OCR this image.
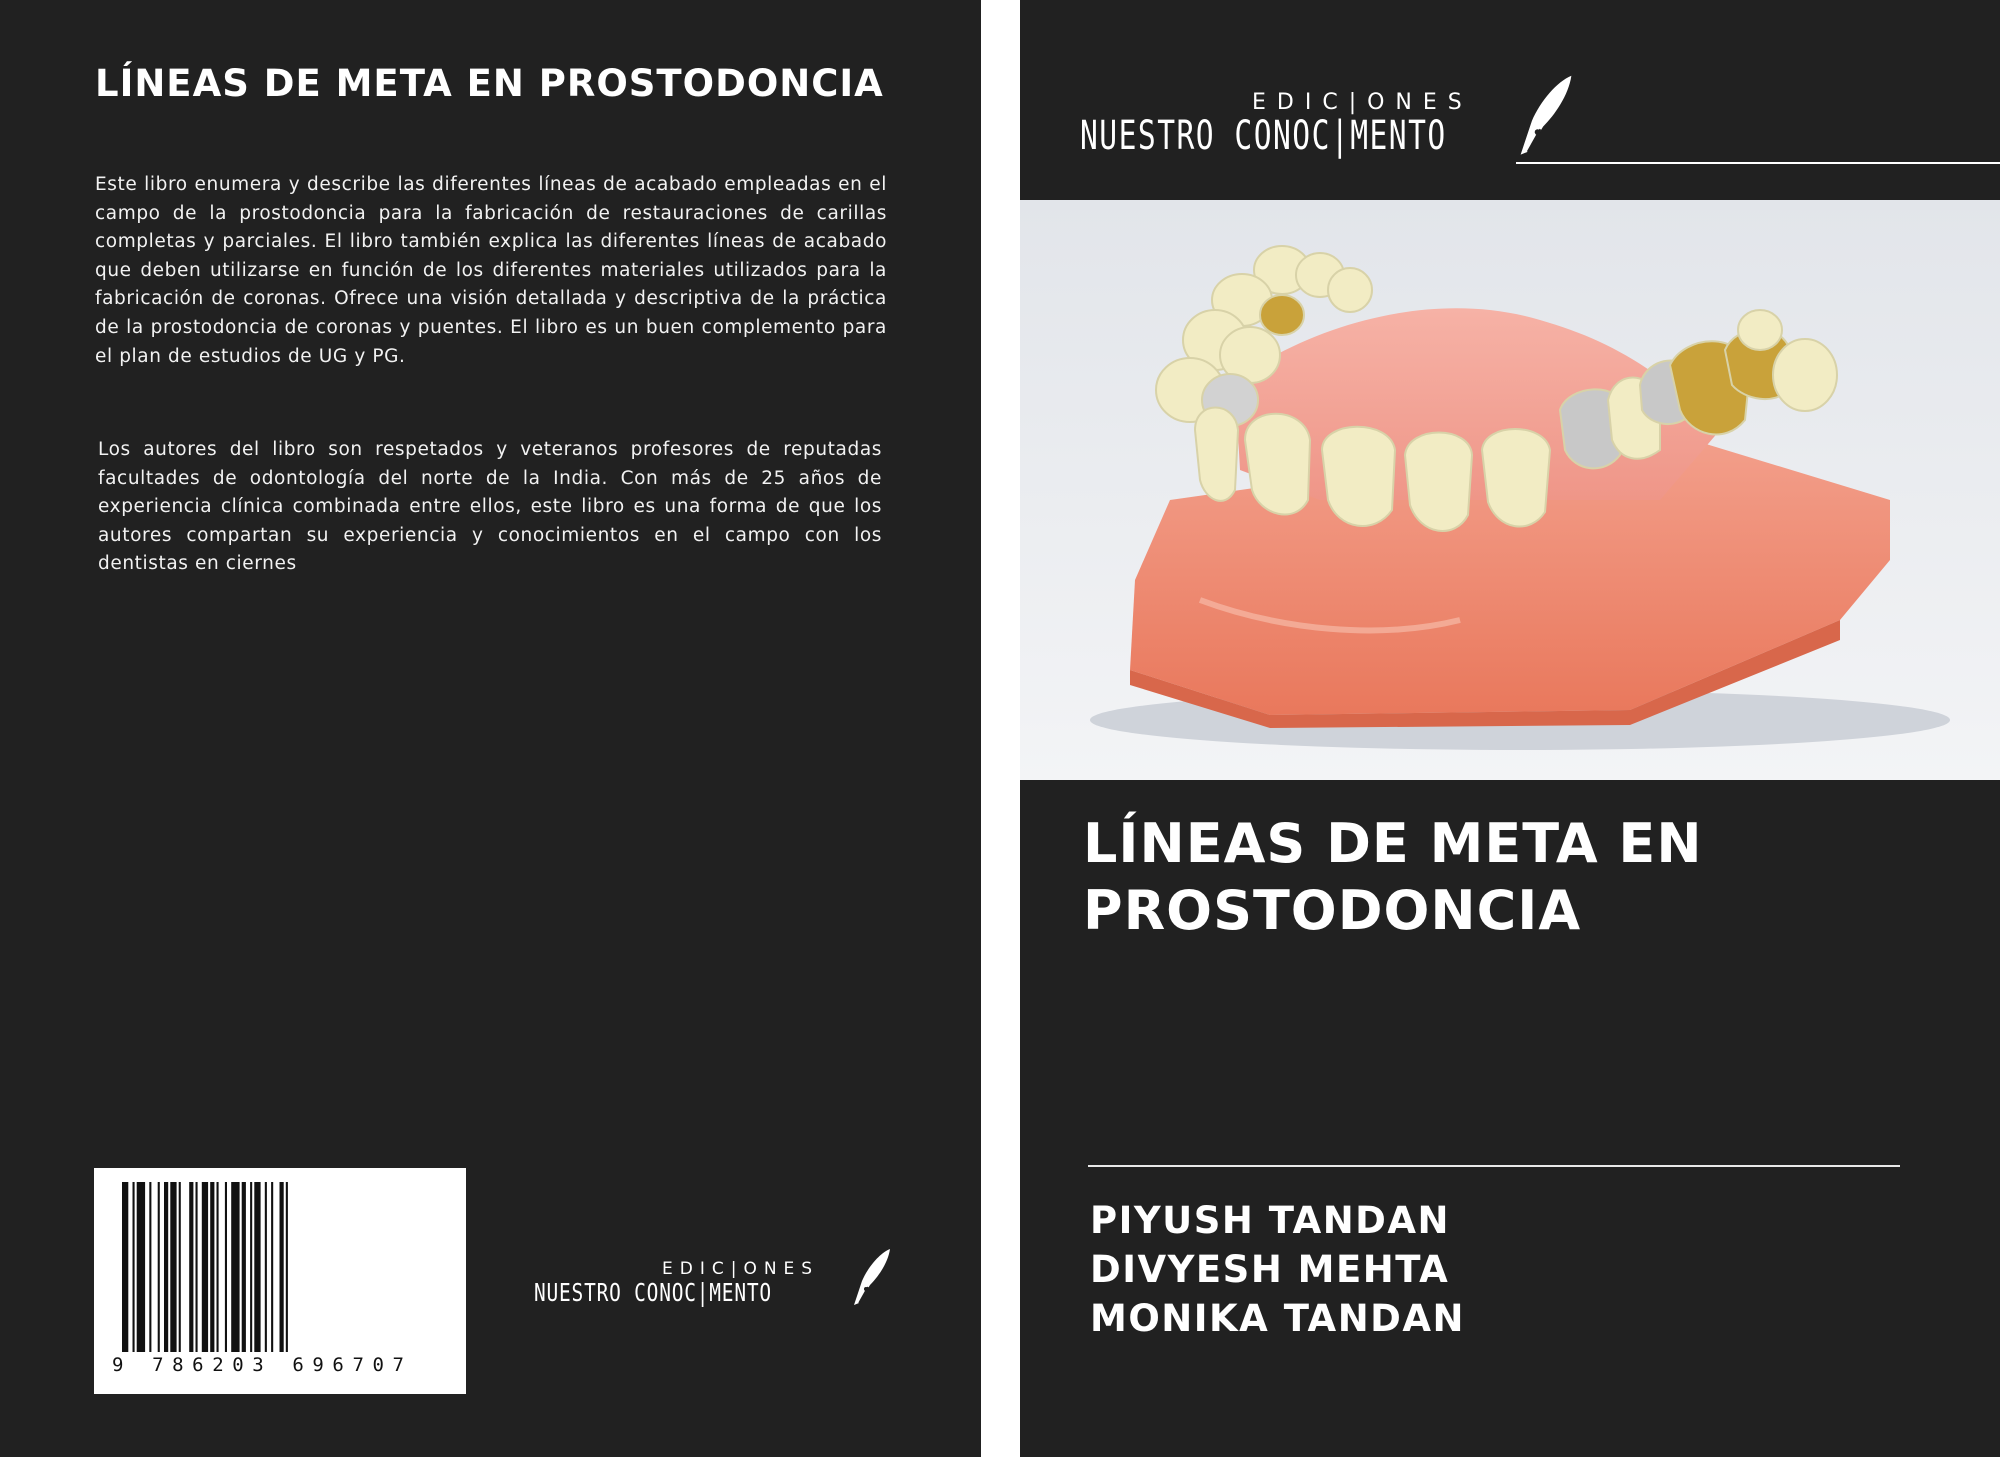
LÍNEAS DE META EN PROSTODONCIA

Este libro enumera y describe las diferentes líneas de acabado empleadas en el campo de la prostodoncia para la fabricación de restauraciones de carillas completas y parciales. El libro también explica las diferentes líneas de acabado que deben utilizarse en función de los diferentes materiales utilizados para la fabricación de coronas. Ofrece una visión detallada y descriptiva de la práctica de la prostodoncia de coronas y puentes. El libro es un buen complemento para el plan de estudios de UG y PG.

Los autores del libro son respetados y veteranos profesores de reputadas facultades de odontología del norte de la India. Con más de 25 años de experiencia clínica combinada entre ellos, este libro es una forma de que los autores compartan su experiencia y conocimientos en el campo con los dentistas en ciernes

9 786203 696707
EDIC|ONES
NUESTRO CONOC|MENTO
EDIC|ONES
NUESTRO CONOC|MENTO
LÍNEAS DE META EN PROSTODONCIA
PIYUSH TANDAN
DIVYESH MEHTA
MONIKA TANDAN
